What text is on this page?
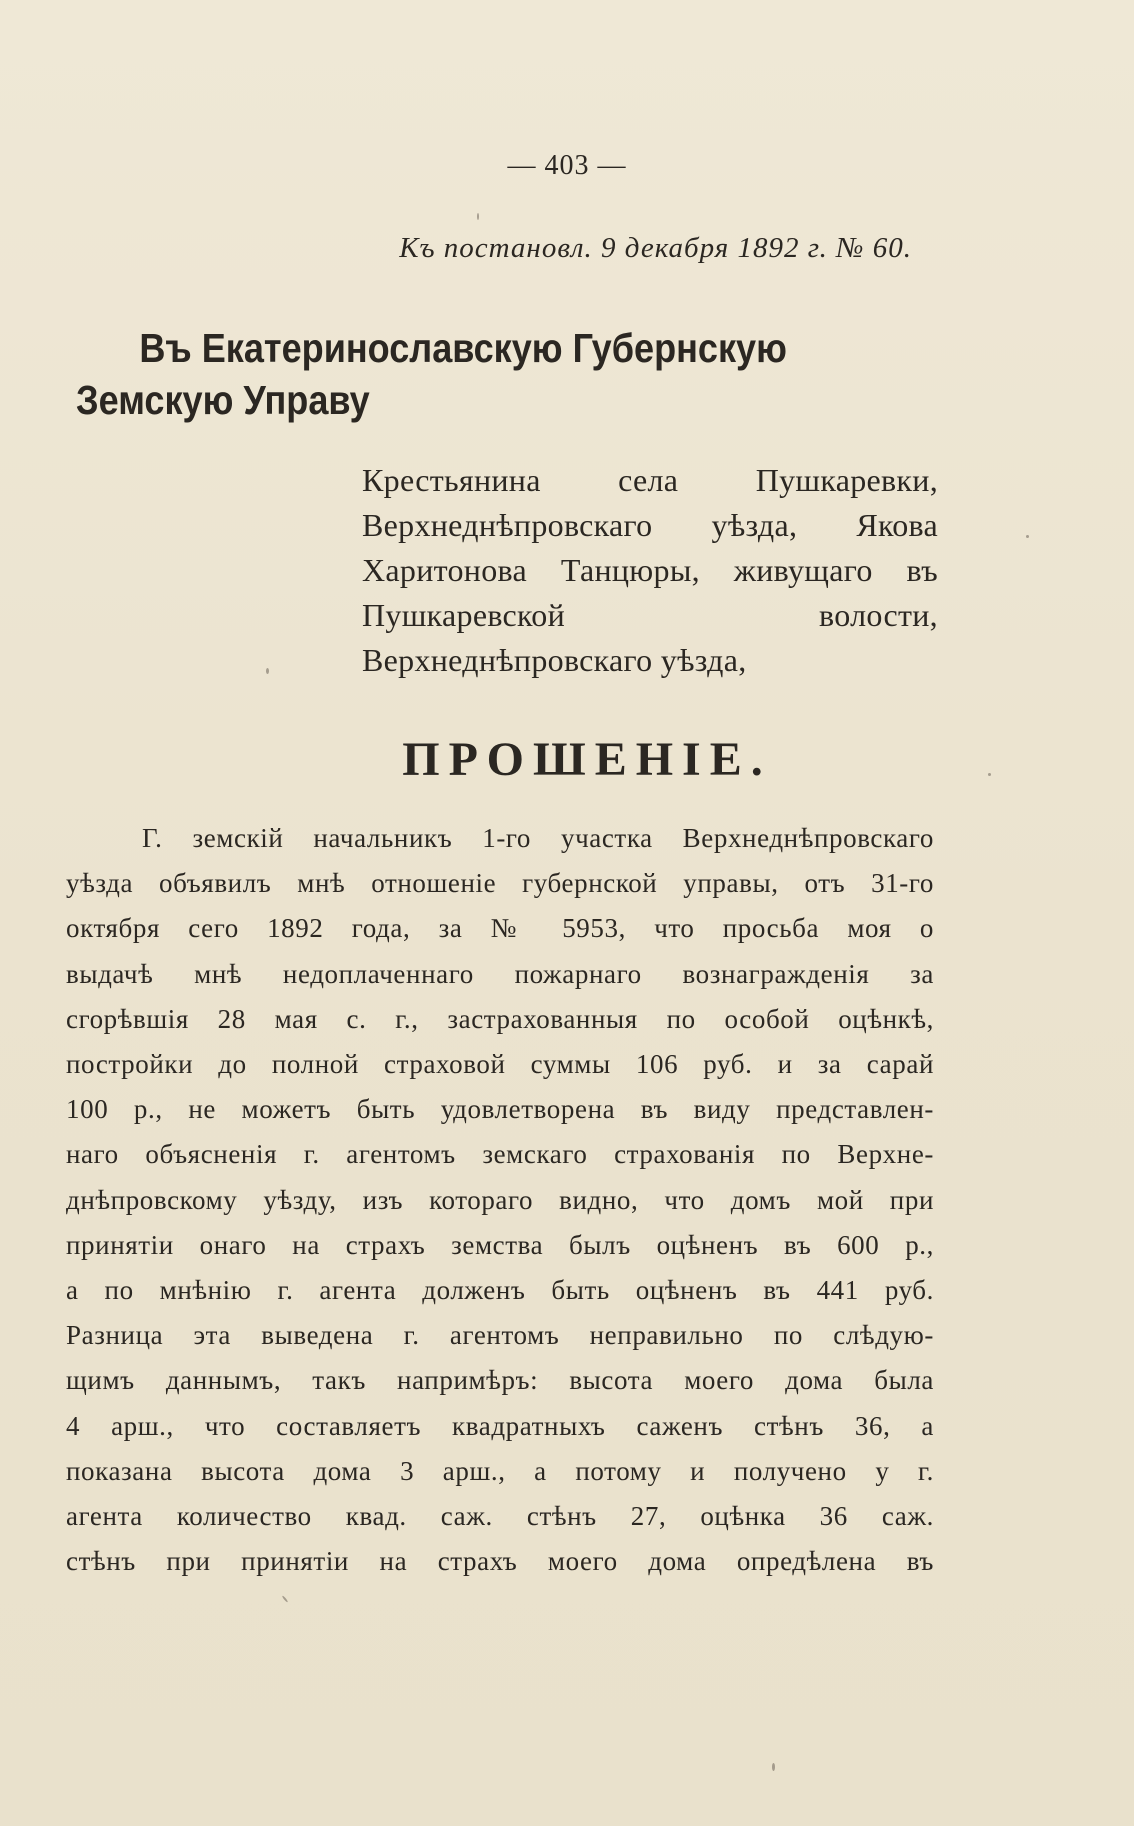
— 403 —
Къ постановл. 9 декабря 1892 г. № 60.
Въ Екатеринославскую Губернскую Земскую Управу
Крестьянина села Пушкаревки, Верхнеднѣпровскаго уѣзда, Якова Харитонова Танцюры, живущаго въ Пушкаревской волости, Верхнеднѣпровскаго уѣзда,
ПРОШЕНІЕ.
Г. земскій начальникъ 1-го участка Верхнеднѣпровскаго
уѣзда объявилъ мнѣ отношеніе губернской управы, отъ 31-го
октября сего 1892 года, за № 5953, что просьба моя о
выдачѣ мнѣ недоплаченнаго пожарнаго вознагражденія за
сгорѣвшія 28 мая с. г., застрахованныя по особой оцѣнкѣ,
постройки до полной страховой суммы 106 руб. и за сарай
100 р., не можетъ быть удовлетворена въ виду представлен-
наго объясненія г. агентомъ земскаго страхованія по Верхне-
днѣпровскому уѣзду, изъ котораго видно, что домъ мой при
принятіи онаго на страхъ земства былъ оцѣненъ въ 600 р.,
а по мнѣнію г. агента долженъ быть оцѣненъ въ 441 руб.
Разница эта выведена г. агентомъ неправильно по слѣдую-
щимъ даннымъ, такъ напримѣръ: высота моего дома была
4 арш., что составляетъ квадратныхъ саженъ стѣнъ 36, а
показана высота дома 3 арш., а потому и получено у г.
агента количество квад. саж. стѣнъ 27, оцѣнка 36 саж.
стѣнъ при принятіи на страхъ моего дома опредѣлена въ
